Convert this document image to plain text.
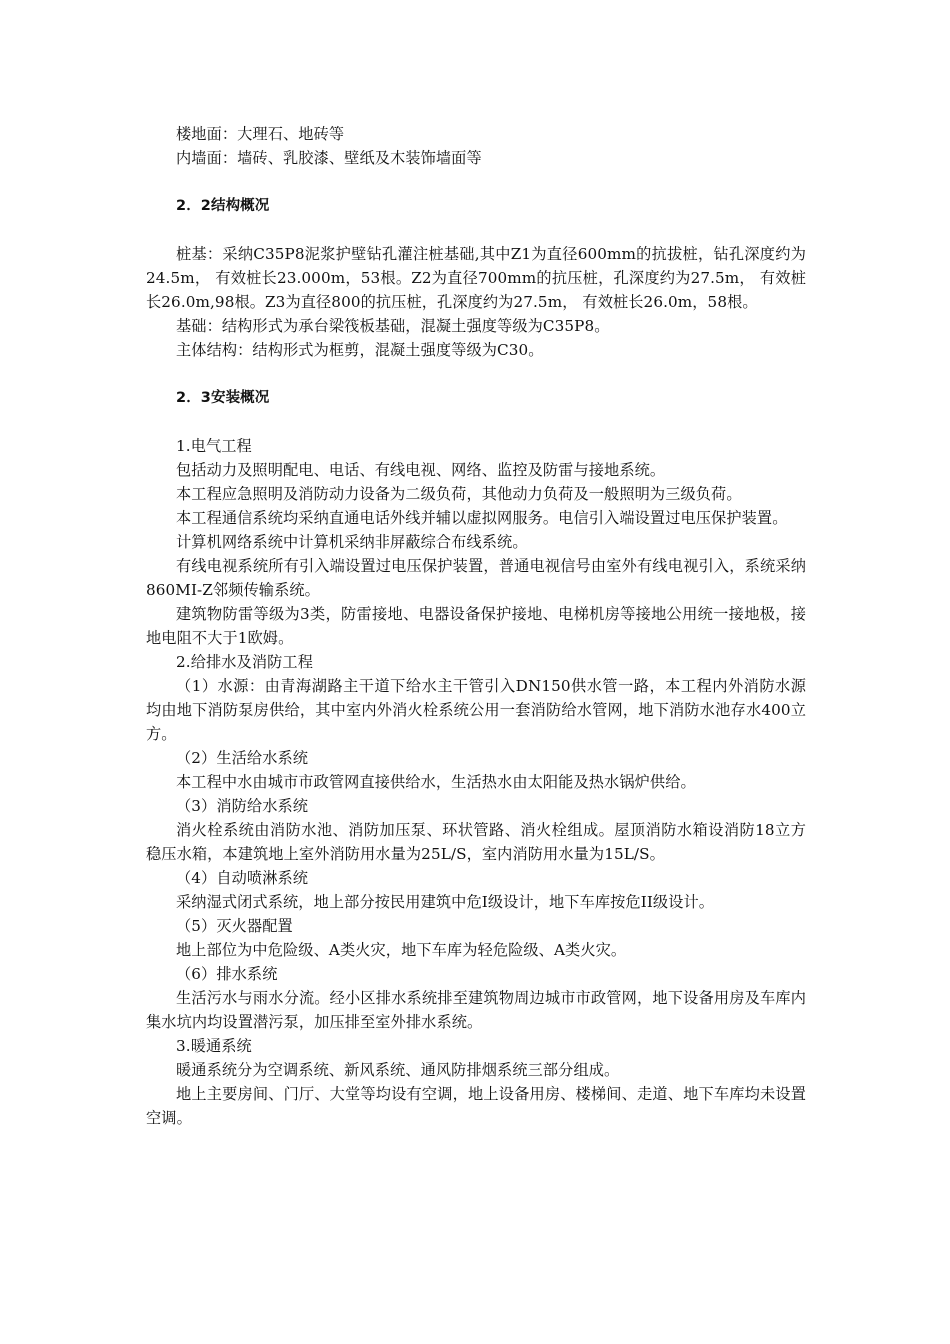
楼地面：大理石、地砖等

内墙面：墙砖、乳胶漆、壁纸及木装饰墙面等

2．2结构概况

桩基：采纳C35P8泥浆护壁钻孔灌注桩基础,其中Z1为直径600mm的抗拔桩，钻孔深度约为24.5m， 有效桩长23.000m，53根。Z2为直径700mm的抗压桩，孔深度约为27.5m， 有效桩长26.0m,98根。Z3为直径800的抗压桩，孔深度约为27.5m， 有效桩长26.0m，58根。

基础：结构形式为承台梁筏板基础，混凝土强度等级为C35P8。

主体结构：结构形式为框剪，混凝土强度等级为C30。

2．3安装概况

1.电气工程

包括动力及照明配电、电话、有线电视、网络、监控及防雷与接地系统。

本工程应急照明及消防动力设备为二级负荷，其他动力负荷及一般照明为三级负荷。

本工程通信系统均采纳直通电话外线并辅以虚拟网服务。电信引入端设置过电压保护装置。

计算机网络系统中计算机采纳非屏蔽综合布线系统。

有线电视系统所有引入端设置过电压保护装置，普通电视信号由室外有线电视引入，系统采纳860MI-Z邻频传输系统。

建筑物防雷等级为3类，防雷接地、电器设备保护接地、电梯机房等接地公用统一接地极，接地电阻不大于1欧姆。

2.给排水及消防工程

（1）水源：由青海湖路主干道下给水主干管引入DN150供水管一路，本工程内外消防水源均由地下消防泵房供给，其中室内外消火栓系统公用一套消防给水管网，地下消防水池存水400立方。

（2）生活给水系统

本工程中水由城市市政管网直接供给水，生活热水由太阳能及热水锅炉供给。

（3）消防给水系统

消火栓系统由消防水池、消防加压泵、环状管路、消火栓组成。屋顶消防水箱设消防18立方稳压水箱，本建筑地上室外消防用水量为25L/S，室内消防用水量为15L/S。

（4）自动喷淋系统

采纳湿式闭式系统，地上部分按民用建筑中危Ⅰ级设计，地下车库按危II级设计。

（5）灭火器配置

地上部位为中危险级、A类火灾，地下车库为轻危险级、A类火灾。

（6）排水系统

生活污水与雨水分流。经小区排水系统排至建筑物周边城市市政管网，地下设备用房及车库内集水坑内均设置潜污泵，加压排至室外排水系统。

3.暖通系统

暖通系统分为空调系统、新风系统、通风防排烟系统三部分组成。

地上主要房间、门厅、大堂等均设有空调，地上设备用房、楼梯间、走道、地下车库均未设置空调。
